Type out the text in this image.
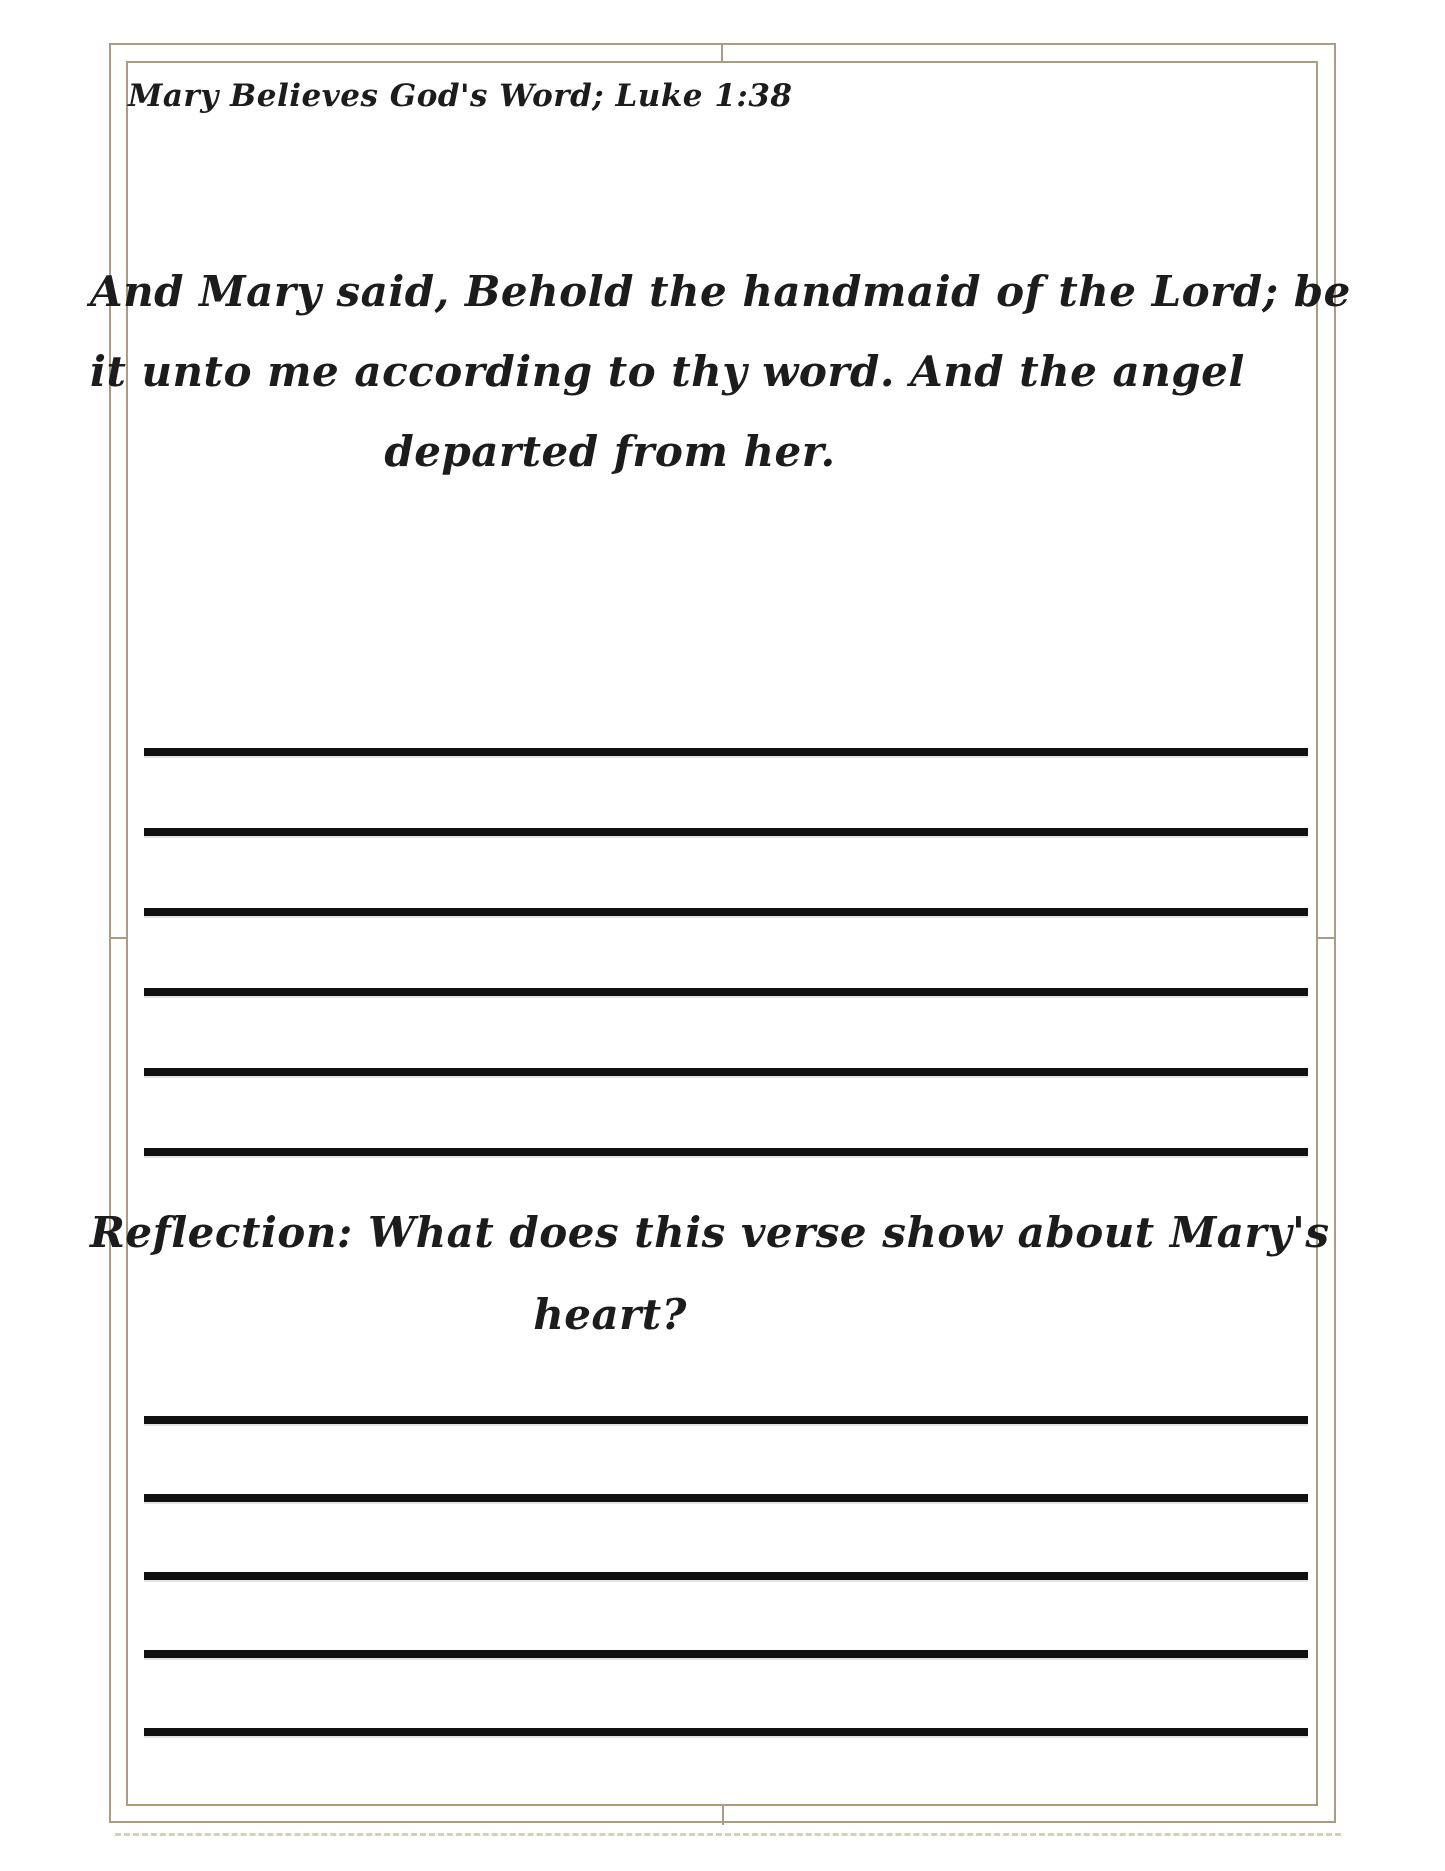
Mary Believes God's Word; Luke 1:38
And Mary said, Behold the handmaid of the Lord; be
it unto me according to thy word. And the angel
departed from her.
Reflection: What does this verse show about Mary's
heart?
